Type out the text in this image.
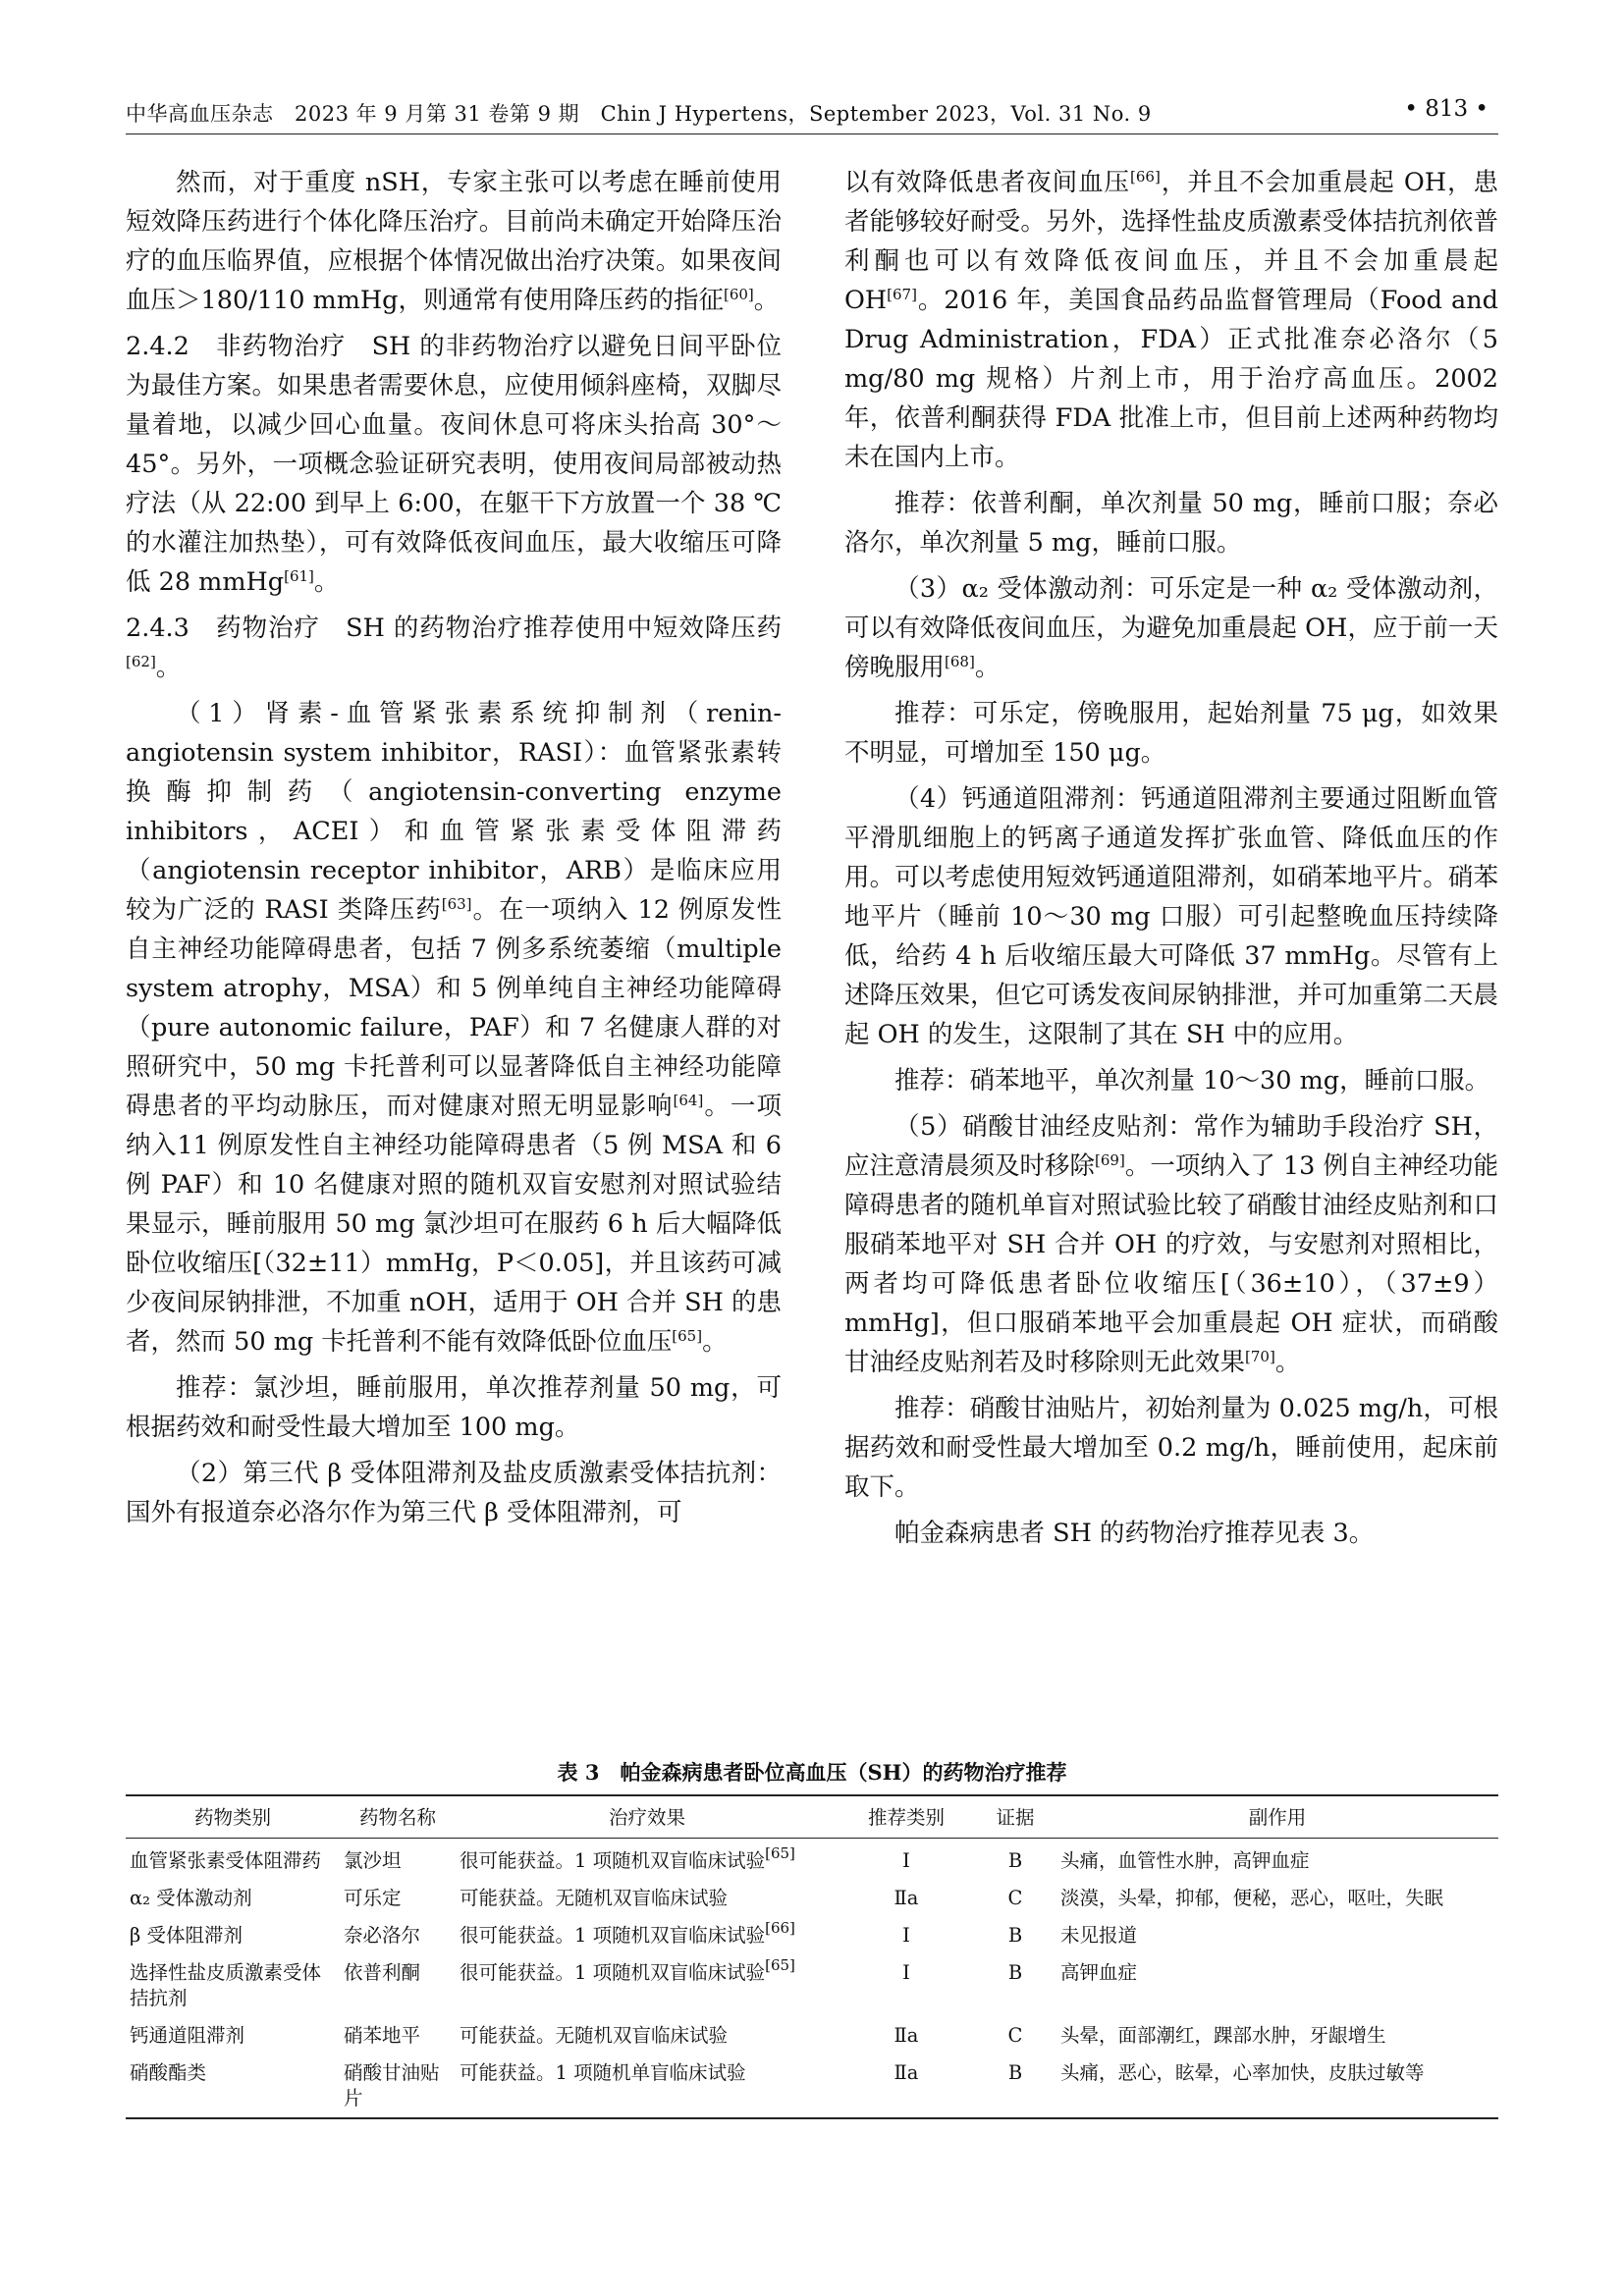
中华高血压杂志　2023 年 9 月第 31 卷第 9 期　Chin J Hypertens，September 2023，Vol. 31 No. 9	• 813 •

然而，对于重度 nSH，专家主张可以考虑在睡前使用短效降压药进行个体化降压治疗。目前尚未确定开始降压治疗的血压临界值，应根据个体情况做出治疗决策。如果夜间血压＞180/110 mmHg，则通常有使用降压药的指征[60]。

2.4.2　非药物治疗　SH 的非药物治疗以避免日间平卧位为最佳方案。如果患者需要休息，应使用倾斜座椅，双脚尽量着地，以减少回心血量。夜间休息可将床头抬高 30°～45°。另外，一项概念验证研究表明，使用夜间局部被动热疗法（从 22:00 到早上 6:00，在躯干下方放置一个 38 ℃ 的水灌注加热垫），可有效降低夜间血压，最大收缩压可降低 28 mmHg[61]。

2.4.3　药物治疗　SH 的药物治疗推荐使用中短效降压药[62]。

（1）肾素-血管紧张素系统抑制剂（renin-angiotensin system inhibitor，RASI）：血管紧张素转换酶抑制药（angiotensin-converting enzyme inhibitors，ACEI）和血管紧张素受体阻滞药（angiotensin receptor inhibitor，ARB）是临床应用较为广泛的 RASI 类降压药[63]。在一项纳入 12 例原发性自主神经功能障碍患者，包括 7 例多系统萎缩（multiple system atrophy，MSA）和 5 例单纯自主神经功能障碍（pure autonomic failure，PAF）和 7 名健康人群的对照研究中，50 mg 卡托普利可以显著降低自主神经功能障碍患者的平均动脉压，而对健康对照无明显影响[64]。一项纳入11 例原发性自主神经功能障碍患者（5 例 MSA 和 6 例 PAF）和 10 名健康对照的随机双盲安慰剂对照试验结果显示，睡前服用 50 mg 氯沙坦可在服药 6 h 后大幅降低卧位收缩压[（32±11）mmHg，P＜0.05]，并且该药可减少夜间尿钠排泄，不加重 nOH，适用于 OH 合并 SH 的患者，然而 50 mg 卡托普利不能有效降低卧位血压[65]。

推荐：氯沙坦，睡前服用，单次推荐剂量 50 mg，可根据药效和耐受性最大增加至 100 mg。

（2）第三代 β 受体阻滞剂及盐皮质激素受体拮抗剂：国外有报道奈必洛尔作为第三代 β 受体阻滞剂，可

以有效降低患者夜间血压[66]，并且不会加重晨起 OH，患者能够较好耐受。另外，选择性盐皮质激素受体拮抗剂依普利酮也可以有效降低夜间血压，并且不会加重晨起 OH[67]。2016 年，美国食品药品监督管理局（Food and Drug Administration，FDA）正式批准奈必洛尔（5 mg/80 mg 规格）片剂上市，用于治疗高血压。2002 年，依普利酮获得 FDA 批准上市，但目前上述两种药物均未在国内上市。

推荐：依普利酮，单次剂量 50 mg，睡前口服；奈必洛尔，单次剂量 5 mg，睡前口服。

（3）α₂ 受体激动剂：可乐定是一种 α₂ 受体激动剂，可以有效降低夜间血压，为避免加重晨起 OH，应于前一天傍晚服用[68]。

推荐：可乐定，傍晚服用，起始剂量 75 μg，如效果不明显，可增加至 150 μg。

（4）钙通道阻滞剂：钙通道阻滞剂主要通过阻断血管平滑肌细胞上的钙离子通道发挥扩张血管、降低血压的作用。可以考虑使用短效钙通道阻滞剂，如硝苯地平片。硝苯地平片（睡前 10～30 mg 口服）可引起整晚血压持续降低，给药 4 h 后收缩压最大可降低 37 mmHg。尽管有上述降压效果，但它可诱发夜间尿钠排泄，并可加重第二天晨起 OH 的发生，这限制了其在 SH 中的应用。

推荐：硝苯地平，单次剂量 10～30 mg，睡前口服。

（5）硝酸甘油经皮贴剂：常作为辅助手段治疗 SH，应注意清晨须及时移除[69]。一项纳入了 13 例自主神经功能障碍患者的随机单盲对照试验比较了硝酸甘油经皮贴剂和口服硝苯地平对 SH 合并 OH 的疗效，与安慰剂对照相比，两者均可降低患者卧位收缩压[（36±10），（37±9）mmHg]，但口服硝苯地平会加重晨起 OH 症状，而硝酸甘油经皮贴剂若及时移除则无此效果[70]。

推荐：硝酸甘油贴片，初始剂量为 0.025 mg/h，可根据药效和耐受性最大增加至 0.2 mg/h，睡前使用，起床前取下。

帕金森病患者 SH 的药物治疗推荐见表 3。

表 3　帕金森病患者卧位高血压（SH）的药物治疗推荐
药物类别	药物名称	治疗效果	推荐类别	证据	副作用
血管紧张素受体阻滞药	氯沙坦	很可能获益。1 项随机双盲临床试验[65]	Ⅰ	B	头痛，血管性水肿，高钾血症
α₂ 受体激动剂	可乐定	可能获益。无随机双盲临床试验	Ⅱa	C	淡漠，头晕，抑郁，便秘，恶心，呕吐，失眠
β 受体阻滞剂	奈必洛尔	很可能获益。1 项随机双盲临床试验[66]	Ⅰ	B	未见报道
选择性盐皮质激素受体拮抗剂	依普利酮	很可能获益。1 项随机双盲临床试验[65]	Ⅰ	B	高钾血症
钙通道阻滞剂	硝苯地平	可能获益。无随机双盲临床试验	Ⅱa	C	头晕，面部潮红，踝部水肿，牙龈增生
硝酸酯类	硝酸甘油贴片	可能获益。1 项随机单盲临床试验	Ⅱa	B	头痛，恶心，眩晕，心率加快，皮肤过敏等
